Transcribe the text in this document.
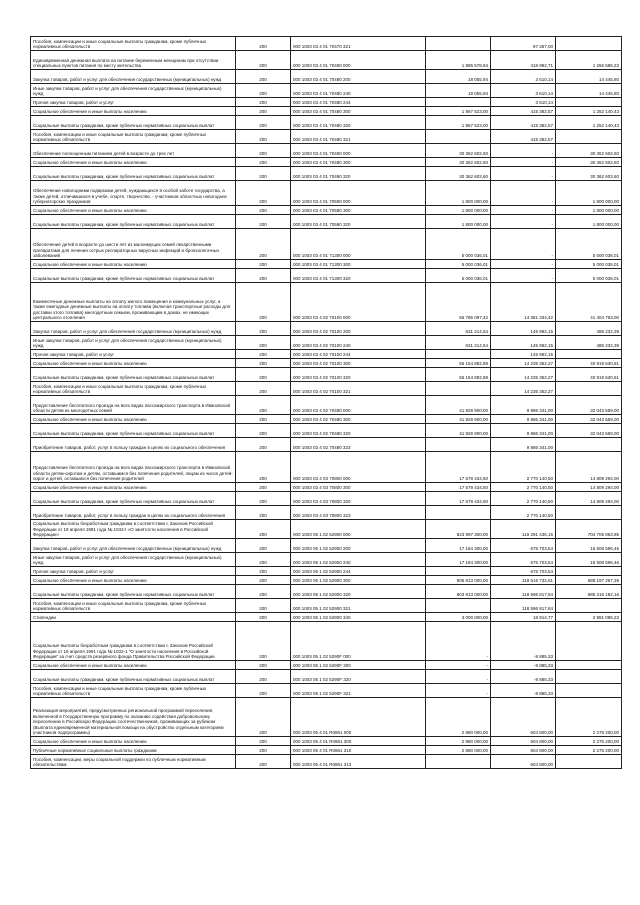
Пособия, компенсации и иные социальные выплаты гражданам, кроме публичных нормативных обязательств	200	000 1003 03 4 01 70470 321		97 367,00	
Единовременная денежная выплата на питание беременным женщинам при отсутствии специальных пунктов питания по месту жительства	200	000 1003 03 4 01 70480 000	1 885 578,94	418 992,71	1 266 586,23
Закупка товаров, работ и услуг для обеспечения государственных (муниципальных) нужд	200	000 1003 03 4 01 70480 200	18 055,94	3 610,14	14 445,80
Иные закупки товаров, работ и услуг для обеспечения государственных (муниципальных) нужд	200	000 1003 03 4 01 70480 240	18 055,94	3 610,14	14 445,80
Прочая закупка товаров, работ и услуг	200	000 1003 03 4 01 70480 244		3 610,14	
Социальное обеспечение и иные выплаты населению	200	000 1003 03 4 01 70480 300	1 867 523,00	415 382,57	1 252 140,43
Социальные выплаты гражданам, кроме публичных нормативных социальных выплат	200	000 1003 03 4 01 70480 320	1 867 523,00	415 382,57	1 252 140,43
Пособия, компенсации и иные социальные выплаты гражданам, кроме публичных нормативных обязательств	200	000 1003 03 4 01 70480 321		415 382,57	
Обеспечение полноценным питанием детей в возрасте до трех лет	200	000 1003 03 4 01 70490 000	30 362 602,60	-	30 362 602,60
Социальное обеспечение и иные выплаты населению	200	000 1003 03 4 01 70490 300	30 362 602,60	-	30 362 602,60
Социальные выплаты гражданам, кроме публичных нормативных социальных выплат	200	000 1003 03 4 01 70490 320	30 362 602,60	-	30 362 602,60
Обеспечение новогодними подарками детей, нуждающихся в особой заботе государства, а также детей, отличившихся в учебе, спорте, творчестве, - участников областных новогодних губернаторских праздников	200	000 1003 03 4 01 70590 000	1 800 000,00	-	1 800 000,00
Социальное обеспечение и иные выплаты населению	200	000 1003 03 4 01 70590 300	1 800 000,00	-	1 800 000,00
Социальные выплаты гражданам, кроме публичных нормативных социальных выплат	200	000 1003 03 4 01 70590 320	1 800 000,00	-	1 800 000,00
Обеспечение детей в возрасте до шести лет из малоимущих семей лекарственными препаратами для лечения острых респираторных вирусных инфекций и бронхолегочных заболеваний	200	000 1003 03 4 01 71300 000	5 000 036,01	-	5 000 036,01
Социальное обеспечение и иные выплаты населению	200	000 1003 03 4 01 71300 300	5 000 036,01	-	5 000 036,01
Социальные выплаты гражданам, кроме публичных нормативных социальных выплат	200	000 1003 03 4 01 71300 320	5 000 036,01	-	5 000 036,01
Ежемесячные денежные выплаты на оплату жилого помещения и коммунальных услуг, а также ежегодные денежные выплаты на оплату топлива (включая транспортные расходы для доставки этого топлива) многодетным семьям, проживающим в домах, не имеющих центрального отопления	200	000 1003 03 4 02 70100 000	55 786 097,42	14 381 334,42	41 404 763,00
Закупка товаров, работ и услуг для обеспечения государственных (муниципальных) нужд	200	000 1003 03 4 02 70100 200	631 214,54	145 982,15	485 232,39
Иные закупки товаров, работ и услуг для обеспечения государственных (муниципальных) нужд	200	000 1003 03 4 02 70100 240	631 214,54	145 982,15	485 232,39
Прочая закупка товаров, работ и услуг	200	000 1003 03 4 02 70100 244		145 982,15	
Социальное обеспечение и иные выплаты населению	200	000 1003 03 4 02 70100 300	55 154 882,88	14 235 352,27	40 919 530,61
Социальные выплаты гражданам, кроме публичных нормативных социальных выплат	200	000 1003 03 4 02 70100 320	55 154 882,88	14 235 352,27	40 919 530,61
Пособия, компенсации и иные социальные выплаты гражданам, кроме публичных нормативных обязательств	200	000 1003 03 4 02 70100 321		14 235 352,27	
Предоставление бесплатного проезда на всех видах пассажирского транспорта в Ивановской области детям из многодетных семей	200	000 1003 03 4 02 70480 000	41 929 900,00	9 886 341,00	32 043 559,00
Социальное обеспечение и иные выплаты населению	200	000 1003 03 4 02 70480 300	41 929 900,00	9 886 341,00	32 043 559,00
Социальные выплаты гражданам, кроме публичных нормативных социальных выплат	200	000 1003 03 4 02 70480 320	41 929 900,00	9 886 341,00	32 043 559,00
Приобретение товаров, работ, услуг в пользу граждан в целях их социального обеспечения	200	000 1003 03 4 02 70480 323		9 886 341,00	
Предоставление бесплатного проезда на всех видах пассажирского транспорта в Ивановской области детям-сиротам и детям, оставшимся без попечения родителей, лицам из числа детей-сирот и детей, оставшихся без попечения родителей	200	000 1003 03 4 03 70800 000	17 579 434,50	2 770 140,50	14 809 294,00
Социальное обеспечение и иные выплаты населению	200	000 1003 03 4 03 70800 300	17 579 434,50	2 770 140,50	14 809 294,00
Социальные выплаты гражданам, кроме публичных нормативных социальных выплат	200	000 1003 03 4 03 70800 320	17 579 434,50	2 770 140,50	14 809 294,00
Приобретение товаров, работ, услуг в пользу граждан в целях их социального обеспечения	200	000 1003 03 4 03 70800 323		2 770 140,50	
Социальные выплаты безработным гражданам в соответствии с Законом Российской Федерации от 19 апреля 1991 года № 1032-I «О занятости населения в Российской Федерации»	200	000 1003 05 1 02 52900 000	823 997 300,00	119 291 436,15	704 705 863,85
Закупка товаров, работ и услуг для обеспечения государственных (муниципальных) нужд	200	000 1003 05 1 02 52900 200	17 184 300,00	675 703,54	16 508 596,46
Иные закупки товаров, работ и услуг для обеспечения государственных (муниципальных) нужд	200	000 1003 05 1 02 52900 240	17 184 300,00	675 703,54	16 508 596,46
Прочая закупка товаров, работ и услуг	200	000 1003 05 1 02 52900 244		675 703,54	
Социальное обеспечение и иные выплаты населению	200	000 1003 05 1 02 52900 300	806 813 000,00	118 615 732,61	688 197 267,39
Социальные выплаты гражданам, кроме публичных нормативных социальных выплат	200	000 1003 05 1 02 52900 320	803 813 000,00	118 596 817,84	685 216 182,16
Пособия, компенсации и иные социальные выплаты гражданам, кроме публичных нормативных обязательств	200	000 1003 05 1 02 52900 321		118 596 817,84	
Стипендии	200	000 1003 05 1 02 52900 340	3 000 000,00	18 914,77	2 981 085,23
Социальные выплаты безработным гражданам в соответствии с Законом Российской Федерации от 19 апреля 1991 года № 1032-1 "О занятости населения в Российской Федерации" за счет средств резервного фонда Правительства Российской Федерации	200	000 1003 05 1 02 5290F 000	-	-8 885,33	
Социальное обеспечение и иные выплаты населению	200	000 1003 05 1 02 5290F 300	-	-8 885,33	
Социальные выплаты гражданам, кроме публичных нормативных социальных выплат	200	000 1003 05 1 02 5290F 320	-	-8 885,33	
Пособия, компенсации и иные социальные выплаты гражданам, кроме публичных нормативных обязательств	200	000 1003 05 1 02 5290F 321	-	-8 885,33	
Реализация мероприятий, предусмотренных региональной программой переселения, включенной в Государственную программу по оказанию содействия добровольному переселению в Российскую Федерацию соотечественников, проживающих за рубежом (Выплата единовременной материальной помощи на обустройство отдельным категориям участников подпрограммы)	200	000 1003 05 4 01 R0861 000	2 880 000,00	604 800,00	2 275 200,00
Социальное обеспечение и иные выплаты населению	200	000 1003 05 4 01 R0861 300	2 880 000,00	604 800,00	2 275 200,00
Публичные нормативные социальные выплаты гражданам	200	000 1003 05 4 01 R0861 310	2 880 000,00	604 800,00	2 275 200,00
Пособия, компенсации, меры социальной поддержки по публичным нормативным обязательствам	200	000 1003 05 4 01 R0861 313		604 800,00	
